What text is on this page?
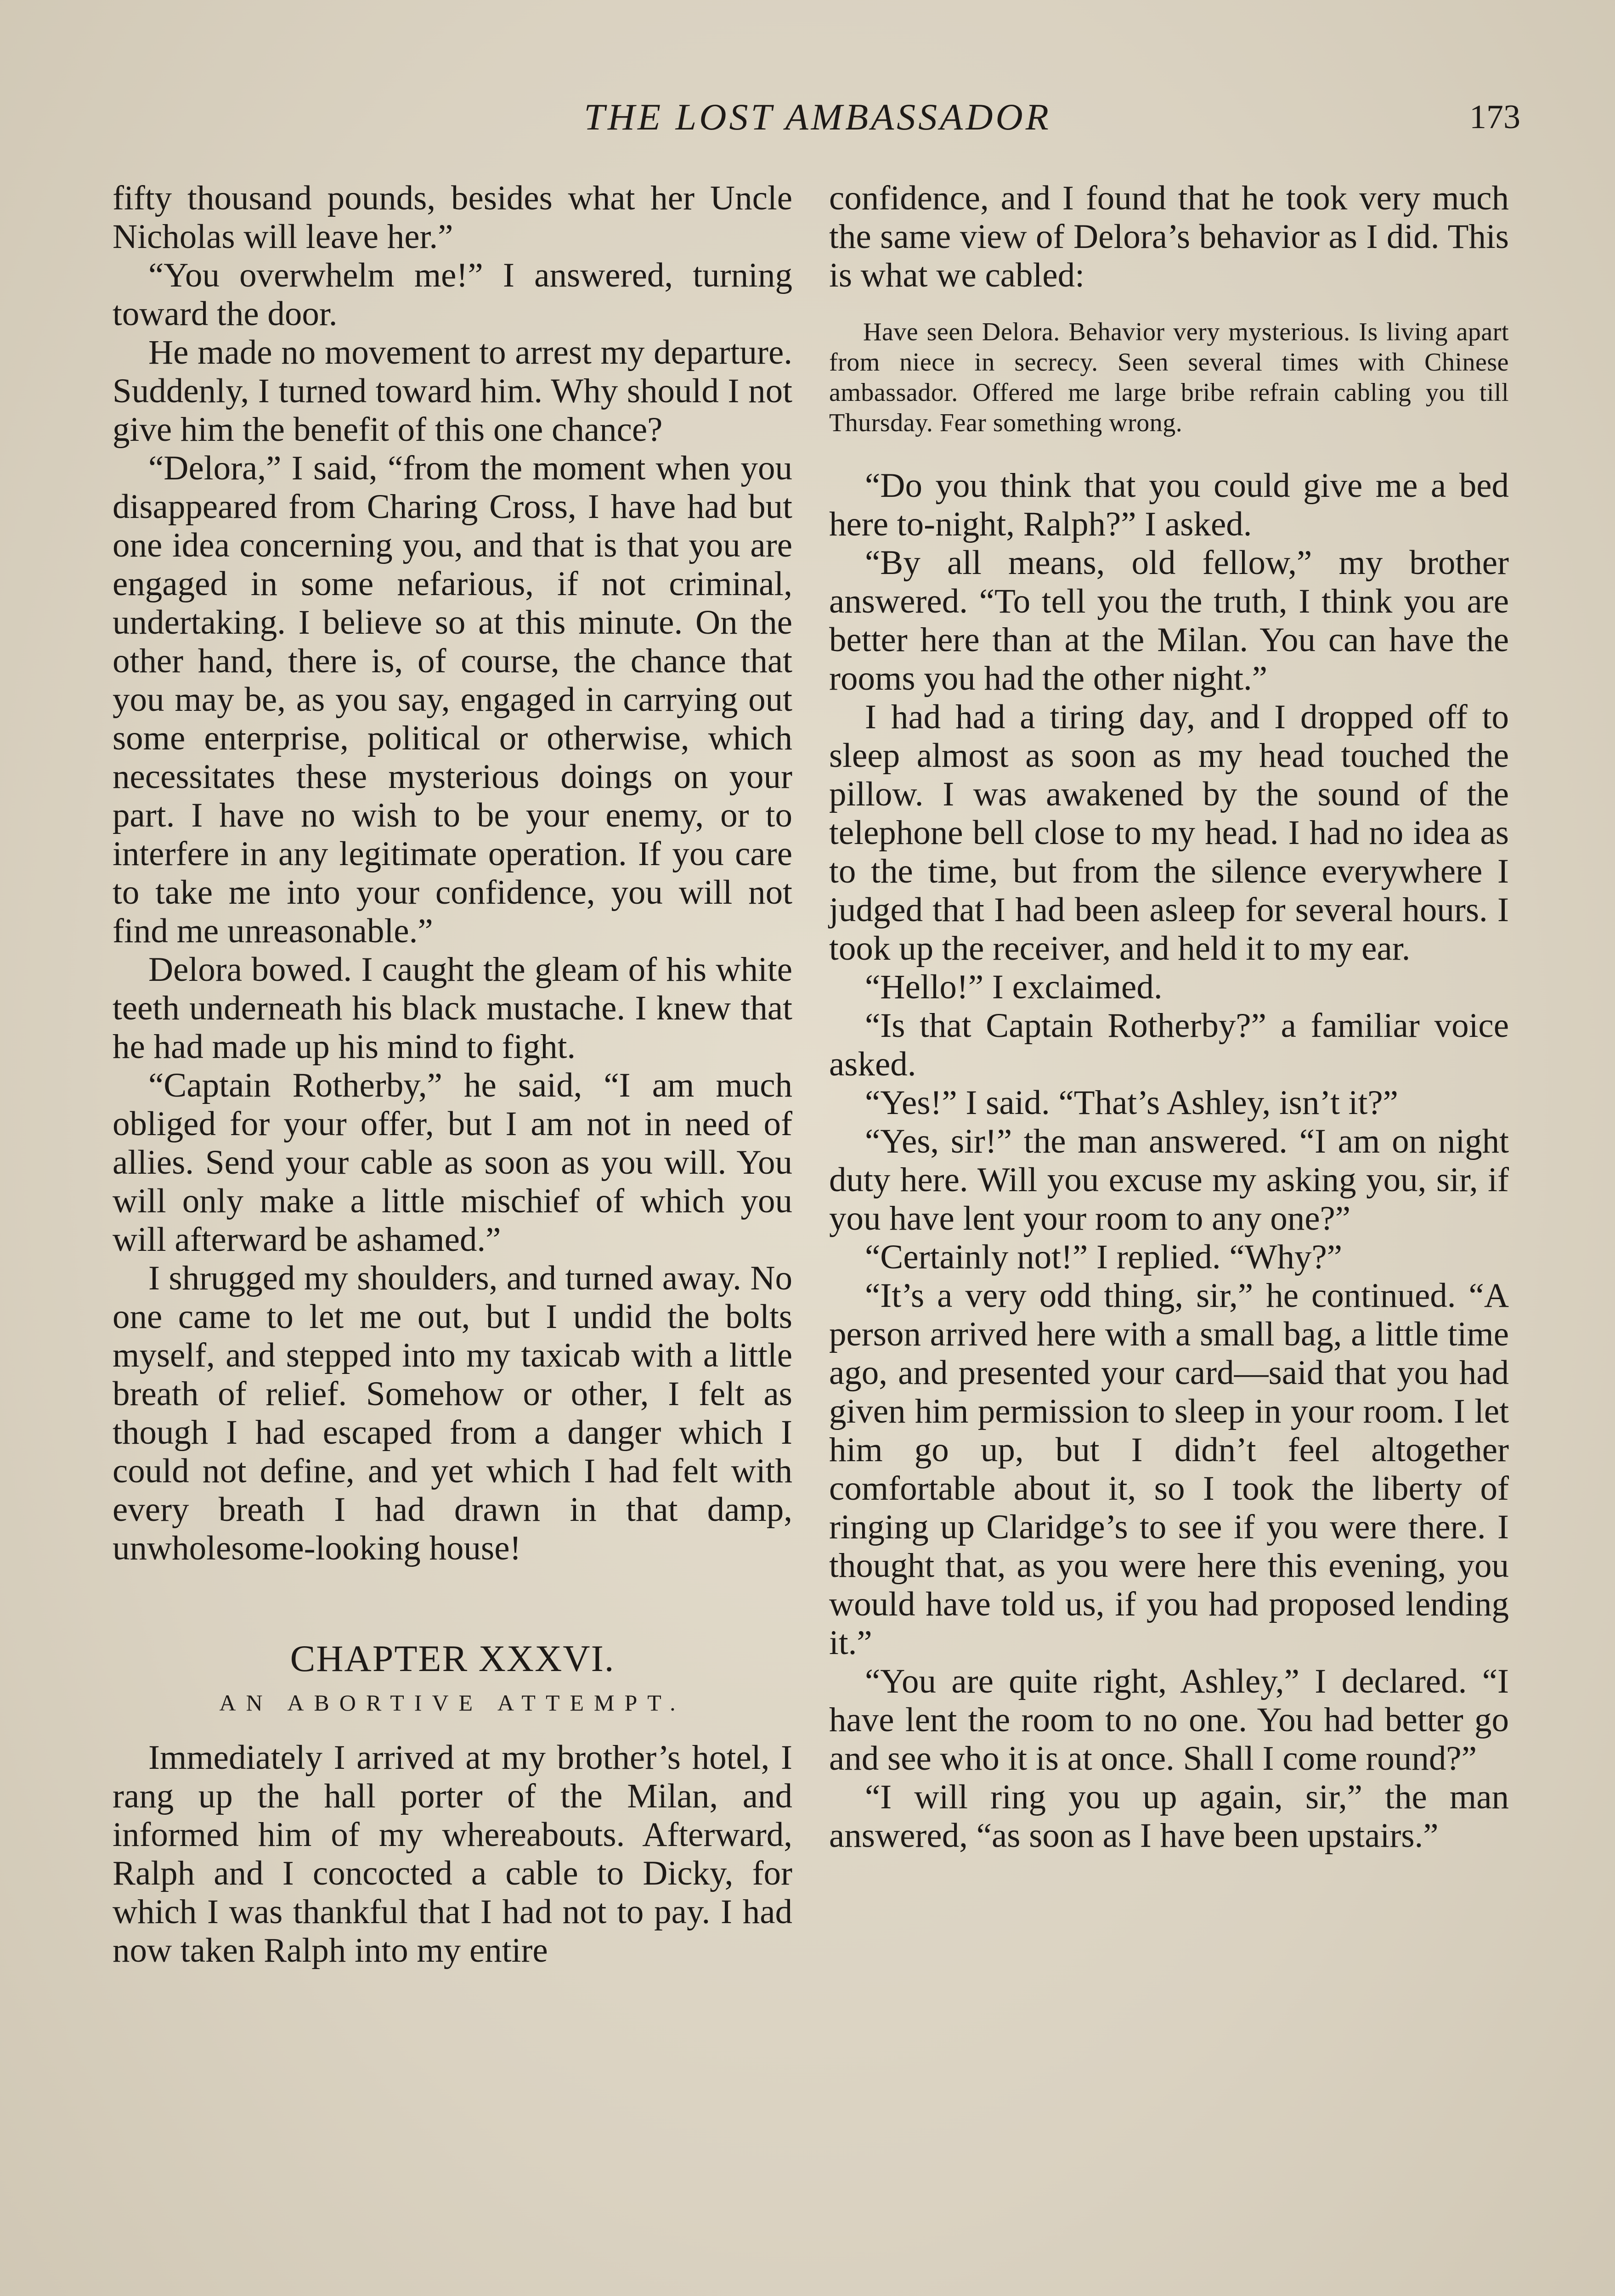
THE LOST AMBASSADOR	173

fifty thousand pounds, besides what her Uncle Nicholas will leave her.”

“You overwhelm me!” I answered, turning toward the door.

He made no movement to arrest my departure. Suddenly, I turned toward him. Why should I not give him the benefit of this one chance?

“Delora,” I said, “from the moment when you disappeared from Charing Cross, I have had but one idea concerning you, and that is that you are engaged in some nefarious, if not criminal, undertaking. I believe so at this minute. On the other hand, there is, of course, the chance that you may be, as you say, engaged in carrying out some enterprise, political or otherwise, which necessitates these mysterious doings on your part. I have no wish to be your enemy, or to interfere in any legitimate operation. If you care to take me into your confidence, you will not find me unreasonable.”

Delora bowed. I caught the gleam of his white teeth underneath his black mustache. I knew that he had made up his mind to fight.

“Captain Rotherby,” he said, “I am much obliged for your offer, but I am not in need of allies. Send your cable as soon as you will. You will only make a little mischief of which you will afterward be ashamed.”

I shrugged my shoulders, and turned away. No one came to let me out, but I undid the bolts myself, and stepped into my taxicab with a little breath of relief. Somehow or other, I felt as though I had escaped from a danger which I could not define, and yet which I had felt with every breath I had drawn in that damp, unwholesome-looking house!

CHAPTER XXXVI.
AN ABORTIVE ATTEMPT.

Immediately I arrived at my brother’s hotel, I rang up the hall porter of the Milan, and informed him of my whereabouts. Afterward, Ralph and I concocted a cable to Dicky, for which I was thankful that I had not to pay. I had now taken Ralph into my entire

confidence, and I found that he took very much the same view of Delora’s behavior as I did. This is what we cabled:

Have seen Delora. Behavior very mysterious. Is living apart from niece in secrecy. Seen several times with Chinese ambassador. Offered me large bribe refrain cabling you till Thursday. Fear something wrong.

“Do you think that you could give me a bed here to-night, Ralph?” I asked.

“By all means, old fellow,” my brother answered. “To tell you the truth, I think you are better here than at the Milan. You can have the rooms you had the other night.”

I had had a tiring day, and I dropped off to sleep almost as soon as my head touched the pillow. I was awakened by the sound of the telephone bell close to my head. I had no idea as to the time, but from the silence everywhere I judged that I had been asleep for several hours. I took up the receiver, and held it to my ear.

“Hello!” I exclaimed.

“Is that Captain Rotherby?” a familiar voice asked.

“Yes!” I said. “That’s Ashley, isn’t it?”

“Yes, sir!” the man answered. “I am on night duty here. Will you excuse my asking you, sir, if you have lent your room to any one?”

“Certainly not!” I replied. “Why?”

“It’s a very odd thing, sir,” he continued. “A person arrived here with a small bag, a little time ago, and presented your card—said that you had given him permission to sleep in your room. I let him go up, but I didn’t feel altogether comfortable about it, so I took the liberty of ringing up Claridge’s to see if you were there. I thought that, as you were here this evening, you would have told us, if you had proposed lending it.”

“You are quite right, Ashley,” I declared. “I have lent the room to no one. You had better go and see who it is at once. Shall I come round?”

“I will ring you up again, sir,” the man answered, “as soon as I have been upstairs.”
